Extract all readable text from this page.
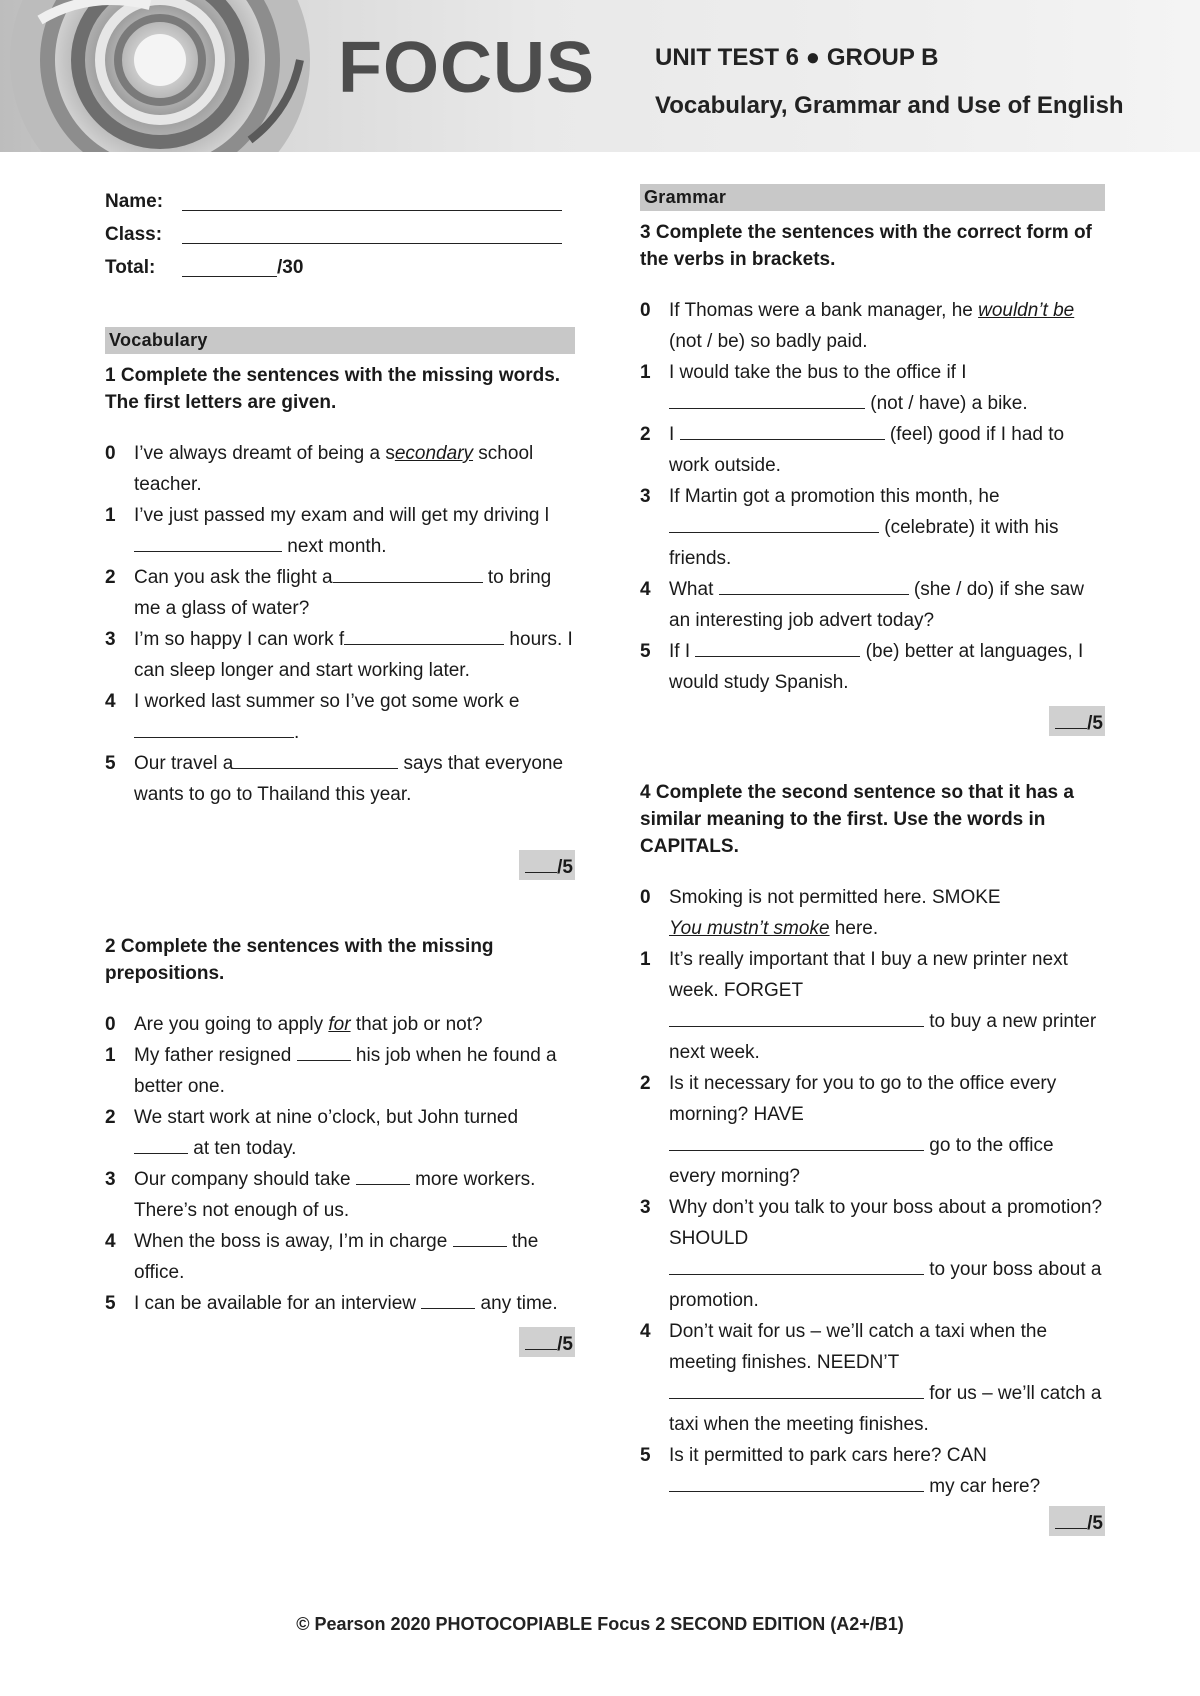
FOCUS	UNIT TEST 6 ● GROUP B
Vocabulary, Grammar and Use of English
Name:
Class:
Total:	/30
Vocabulary
1 Complete the sentences with the missing words. The first letters are given.
0 I’ve always dreamt of being a secondary school teacher.
1 I’ve just passed my exam and will get my driving l next month.
2 Can you ask the flight a	to bring me a glass of water?
3 I’m so happy I can work f	hours. I can sleep longer and start working later.
4 I worked last summer so I’ve got some work e.
5 Our travel a	says that everyone wants to go to Thailand this year.
/5
2 Complete the sentences with the missing prepositions.
0 Are you going to apply for that job or not?
1 My father resigned	his job when he found a better one.
2 We start work at nine o’clock, but John turned  at ten today.
3 Our company should take	more workers. There’s not enough of us.
4 When the boss is away, I’m in charge	the office.
5 I can be available for an interview	any time.
/5
Grammar
3 Complete the sentences with the correct form of the verbs in brackets.
0 If Thomas were a bank manager, he wouldn’t be (not / be) so badly paid.
1 I would take the bus to the office if I  (not / have) a bike.
2 I	(feel) good if I had to work outside.
3 If Martin got a promotion this month, he  (celebrate) it with his friends.
4 What	(she / do) if she saw an interesting job advert today?
5 If I	(be) better at languages, I would study Spanish.
/5
4 Complete the second sentence so that it has a similar meaning to the first. Use the words in CAPITALS.
0 Smoking is not permitted here. SMOKE
You mustn’t smoke here.
1 It’s really important that I buy a new printer next week. FORGET
to buy a new printer next week.
2 Is it necessary for you to go to the office every morning? HAVE
go to the office every morning?
3 Why don’t you talk to your boss about a promotion? SHOULD
to your boss about a promotion.
4 Don’t wait for us – we’ll catch a taxi when the meeting finishes. NEEDN’T
for us – we’ll catch a taxi when the meeting finishes.
5 Is it permitted to park cars here? CAN
my car here?
/5
© Pearson 2020 PHOTOCOPIABLE Focus 2 SECOND EDITION (A2+/B1)
